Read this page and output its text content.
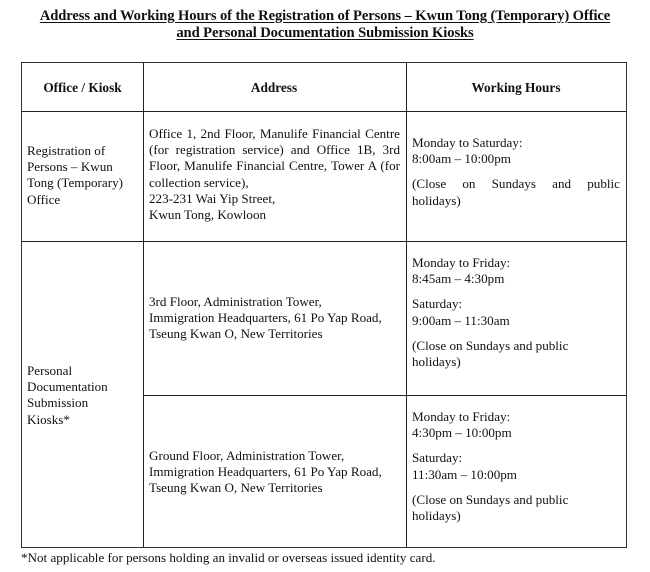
Address and Working Hours of the Registration of Persons – Kwun Tong (Temporary) Office
and Personal Documentation Submission Kiosks
Office / Kiosk	Address	Working Hours
Registration of
Persons – Kwun
Tong (Temporary)
Office
Office 1, 2nd Floor, Manulife Financial Centre (for registration service) and Office 1B, 3rd Floor, Manulife Financial Centre, Tower A (for collection service),
223-231 Wai Yip Street,
Kwun Tong, Kowloon
Monday to Saturday:
8:00am – 10:00pm
(Close on Sundays and public holidays)
Personal
Documentation
Submission
Kiosks*
3rd Floor, Administration Tower,
Immigration Headquarters, 61 Po Yap Road,
Tseung Kwan O, New Territories
Monday to Friday:
8:45am – 4:30pm
Saturday:
9:00am – 11:30am
(Close on Sundays and public
holidays)
Ground Floor, Administration Tower,
Immigration Headquarters, 61 Po Yap Road,
Tseung Kwan O, New Territories
Monday to Friday:
4:30pm – 10:00pm
Saturday:
11:30am – 10:00pm
(Close on Sundays and public
holidays)
*Not applicable for persons holding an invalid or overseas issued identity card.
